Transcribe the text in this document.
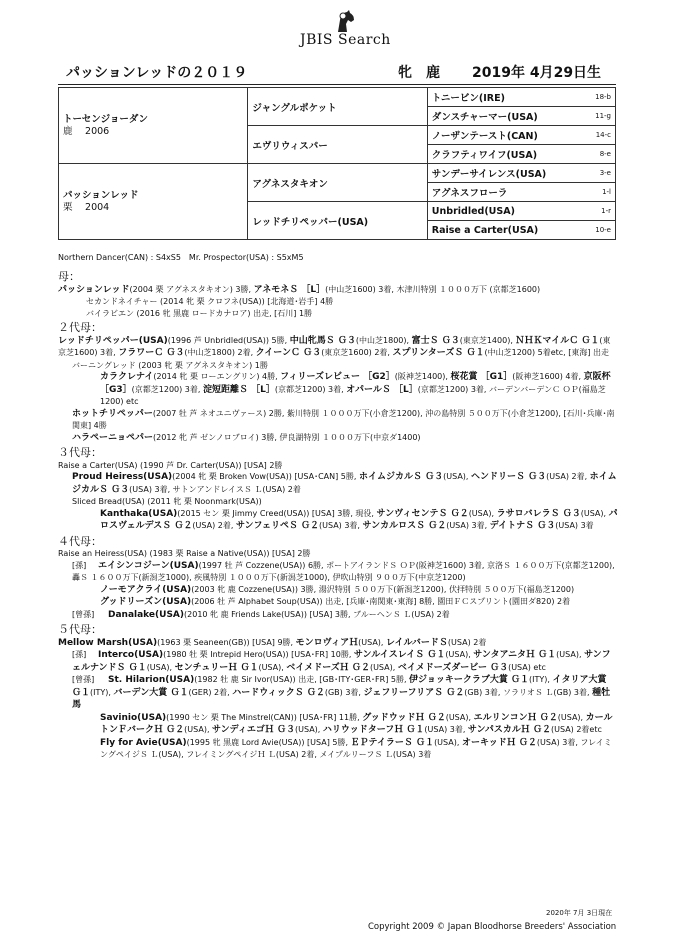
JBIS Search
パッションレッドの２０１９	牝　鹿 2019年 4月29日生
トーセンジョーダン
鹿　 2006	ジャングルポケット	トニービン(IRE)	18-b
		ダンスチャーマー(USA)	11-g
	エヴリウィスパー	ノーザンテースト(CAN)	14-c
		クラフティワイフ(USA)	8-e

パッションレッド
栗　 2004	アグネスタキオン	サンデーサイレンス(USA)	3-e
		アグネスフローラ	1-l
	レッドチリペッパー(USA)	Unbridled(USA)	1-r
		Raise a Carter(USA)	10-e
Northern Dancer(CAN) : S4xS5　Mr. Prospector(USA) : S5xM5
母：
パッションレッド(2004 栗 アグネスタキオン) 3勝, アネモネＳ ［L］(中山芝1600) 3着, 木津川特別 １０００万下 (京都芝1600)
セカンドネイチャー (2014 牝 栗 クロフネ(USA)) [北海道･岩手] 4勝
バイラビエン (2016 牝 黒鹿 ロードカナロア) 出走, [石川] 1勝
２代母：
レッドチリペッパー(USA)(1996 芦 Unbridled(USA)) 5勝, 中山牝馬Ｓ Ｇ３(中山芝1800), 富士Ｓ Ｇ３(東京芝1400), ＮＨＫマイルＣ Ｇ１(東京芝1600) 3着, フラワーＣ Ｇ３(中山芝1800) 2着, クイーンＣ Ｇ３(東京芝1600) 2着, スプリンターズＳ Ｇ１(中山芝1200) 5着etc, [東海] 出走
バーニングレッド (2003 牝 栗 アグネスタキオン) 1勝
カラクレナイ(2014 牝 栗 ローエングリン) 4勝, フィリーズレビュー ［G2］(阪神芝1400), 桜花賞 ［G1］(阪神芝1600) 4着, 京阪杯 ［G3］(京都芝1200) 3着, 淀短距離Ｓ ［L］(京都芝1200) 3着, オパールＳ ［L］(京都芝1200) 3着, バーデンバーデンＣ ＯＰ(福島芝1200) etc
ホットチリペッパー(2007 牡 芦 ネオユニヴァース) 2勝, 紫川特別 １０００万下(小倉芝1200), 沖の島特別 ５００万下(小倉芝1200), [石川･兵庫･南関東] 4勝
ハラペーニョペパー(2012 牝 芦 ゼンノロブロイ) 3勝, 伊良湖特別 １０００万下(中京ダ1400)
３代母：
Raise a Carter(USA) (1990 芦 Dr. Carter(USA)) [USA] 2勝
Proud Heiress(USA)(2004 牝 栗 Broken Vow(USA)) [USA･CAN] 5勝, ホイムジカルＳ Ｇ３(USA), ヘンドリーＳ Ｇ３(USA) 2着, ホイムジカルＳ Ｇ３(USA) 3着, サトンアンドレイスＳ Ｌ(USA) 2着
Sliced Bread(USA) (2011 牝 栗 Noonmark(USA))
Kanthaka(USA)(2015 セン 栗 Jimmy Creed(USA)) [USA] 3勝, 現役, サンヴィセンテＳ Ｇ２(USA), ラサロバレラＳ Ｇ３(USA), パロスヴェルデスＳ Ｇ２(USA) 2着, サンフェリペＳ Ｇ２(USA) 3着, サンカルロスＳ Ｇ２(USA) 3着, デイトナＳ Ｇ３(USA) 3着
４代母：
Raise an Heiress(USA) (1983 栗 Raise a Native(USA)) [USA] 2勝
[孫] エイシンコジーン(USA)(1997 牡 芦 Cozzene(USA)) 6勝, ポートアイランドＳ ＯＰ(阪神芝1600) 3着, 京洛Ｓ １６００万下(京都芝1200), 轟Ｓ １６００万下(新潟芝1000), 疾風特別 １０００万下(新潟芝1000), 伊吹山特別 ９００万下(中京芝1200)
ノーモアクライ(USA)(2003 牝 鹿 Cozzene(USA)) 3勝, 湯沢特別 ５００万下(新潟芝1200), 伏拝特別 ５００万下(福島芝1200)
グッドリーズン(USA)(2006 牡 芦 Alphabet Soup(USA)) 出走, [兵庫･南関東･東海] 8勝, 園田ＦＣスプリント(園田ダ820) 2着
[曾孫] Danalake(USA)(2010 牝 鹿 Friends Lake(USA)) [USA] 3勝, ブルーヘンＳ Ｌ(USA) 2着
５代母：
Mellow Marsh(USA)(1963 栗 Seaneen(GB)) [USA] 9勝, モンロヴィアＨ(USA), レイルバードＳ(USA) 2着
[孫] Interco(USA)(1980 牡 栗 Intrepid Hero(USA)) [USA･FR] 10勝, サンルイスレイＳ Ｇ１(USA), サンタアニタＨ Ｇ１(USA), サンフェルナンドＳ Ｇ１(USA), センチュリーＨ Ｇ１(USA), ベイメドーズＨ Ｇ２(USA), ベイメドーズダービー Ｇ３(USA) etc
[曾孫] St. Hilarion(USA)(1982 牡 鹿 Sir Ivor(USA)) 出走, [GB･ITY･GER･FR] 5勝, 伊ジョッキークラブ大賞 Ｇ１(ITY), イタリア大賞 Ｇ１(ITY), バーデン大賞 Ｇ１(GER) 2着, ハードウィックＳ Ｇ２(GB) 3着, ジェフリーフリアＳ Ｇ２(GB) 3着, ソラリオＳ Ｌ(GB) 3着, 種牡馬
Savinio(USA)(1990 セン 栗 The Minstrel(CAN)) [USA･FR] 11勝, グッドウッドＨ Ｇ２(USA), エルリンコンＨ Ｇ２(USA), カールトンＦバークＨ Ｇ２(USA), サンディエゴＨ Ｇ３(USA), ハリウッドターフＨ Ｇ１(USA) 3着, サンパスカルＨ Ｇ２(USA) 2着etc
Fly for Avie(USA)(1995 牝 黒鹿 Lord Avie(USA)) [USA] 5勝, ＥＰテイラーＳ Ｇ１(USA), オーキッドＨ Ｇ２(USA) 3着, フレイミングペイジＳ Ｌ(USA), フレイミングペイジＨ Ｌ(USA) 2着, メイプルリーフＳ Ｌ(USA) 3着
2020年 7月 3日現在
Copyright 2009 © Japan Bloodhorse Breeders' Association
